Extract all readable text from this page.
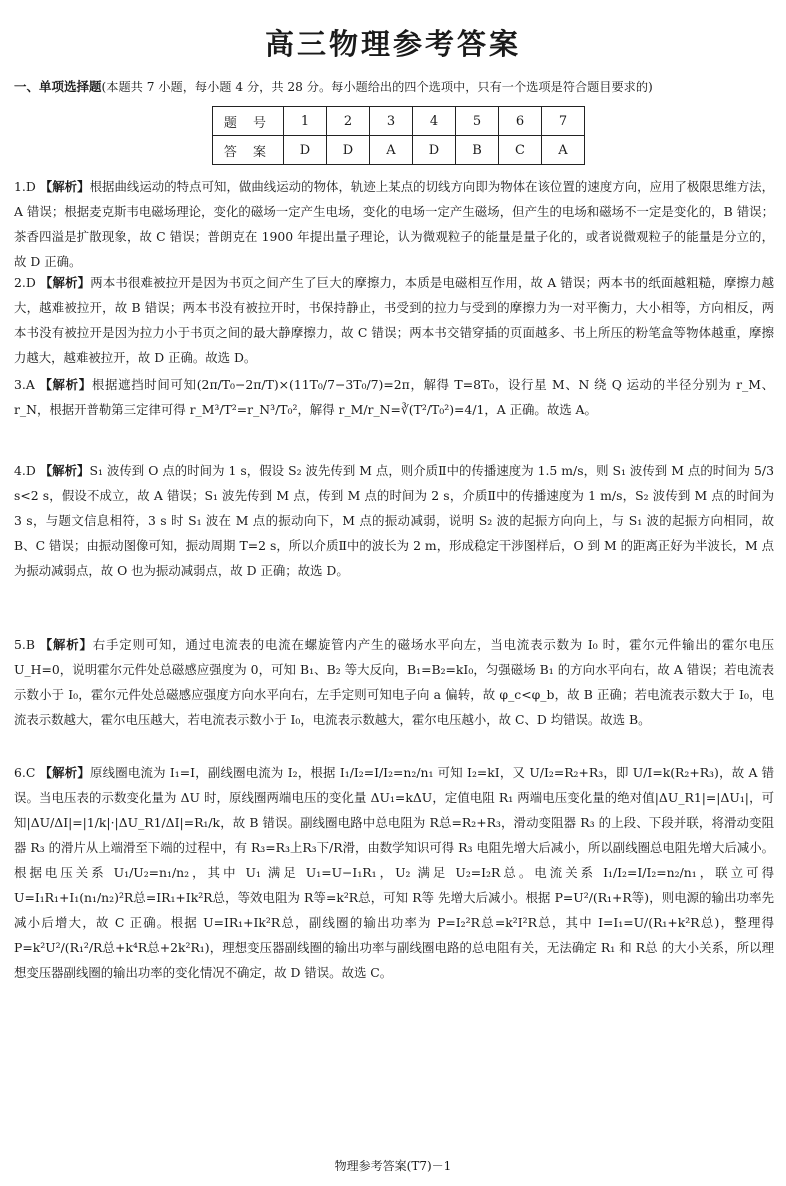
高三物理参考答案
一、单项选择题(本题共 7 小题，每小题 4 分，共 28 分。每小题给出的四个选项中，只有一个选项是符合题目要求的)
题 号	1	2	3	4	5	6	7
答 案	D	D	A	D	B	C	A
1.D 【解析】根据曲线运动的特点可知，做曲线运动的物体，轨迹上某点的切线方向即为物体在该位置的速度方向，应用了极限思维方法，A 错误；根据麦克斯韦电磁场理论，变化的磁场一定产生电场，变化的电场一定产生磁场，但产生的电场和磁场不一定是变化的，B 错误；茶香四溢是扩散现象，故 C 错误；普朗克在 1900 年提出量子理论，认为微观粒子的能量是量子化的，或者说微观粒子的能量是分立的，故 D 正确。
2.D 【解析】两本书很难被拉开是因为书页之间产生了巨大的摩擦力，本质是电磁相互作用，故 A 错误；两本书的纸面越粗糙，摩擦力越大，越难被拉开，故 B 错误；两本书没有被拉开时，书保持静止，书受到的拉力与受到的摩擦力为一对平衡力，大小相等，方向相反，两本书没有被拉开是因为拉力小于书页之间的最大静摩擦力，故 C 错误；两本书交错穿插的页面越多、书上所压的粉笔盒等物体越重，摩擦力越大，越难被拉开，故 D 正确。故选 D。
3.A 【解析】根据遮挡时间可知(2π/T₀−2π/T)×(11T₀/7−3T₀/7)=2π，解得 T=8T₀，设行星 M、N 绕 Q 运动的半径分别为 r_M、r_N，根据开普勒第三定律可得 r_M³/T²=r_N³/T₀²，解得 r_M/r_N=∛(T²/T₀²)=4/1，A 正确。故选 A。
4.D 【解析】S₁ 波传到 O 点的时间为 1 s，假设 S₂ 波先传到 M 点，则介质Ⅱ中的传播速度为 1.5 m/s，则 S₁ 波传到 M 点的时间为 5/3 s<2 s，假设不成立，故 A 错误；S₁ 波先传到 M 点，传到 M 点的时间为 2 s，介质Ⅱ中的传播速度为 1 m/s，S₂ 波传到 M 点的时间为 3 s，与题文信息相符，3 s 时 S₁ 波在 M 点的振动向下，M 点的振动减弱，说明 S₂ 波的起振方向向上，与 S₁ 波的起振方向相同，故 B、C 错误；由振动图像可知，振动周期 T=2 s，所以介质Ⅱ中的波长为 2 m，形成稳定干涉图样后，O 到 M 的距离正好为半波长，M 点为振动减弱点，故 O 也为振动减弱点，故 D 正确；故选 D。
5.B 【解析】右手定则可知，通过电流表的电流在螺旋管内产生的磁场水平向左，当电流表示数为 I₀ 时，霍尔元件输出的霍尔电压 U_H=0，说明霍尔元件处总磁感应强度为 0，可知 B₁、B₂ 等大反向，B₁=B₂=kI₀，匀强磁场 B₁ 的方向水平向右，故 A 错误；若电流表示数小于 I₀，霍尔元件处总磁感应强度方向水平向右，左手定则可知电子向 a 偏转，故 φ_c<φ_b，故 B 正确；若电流表示数大于 I₀，电流表示数越大，霍尔电压越大，若电流表示数小于 I₀，电流表示数越大，霍尔电压越小，故 C、D 均错误。故选 B。
6.C 【解析】原线圈电流为 I₁=I，副线圈电流为 I₂，根据 I₁/I₂=I/I₂=n₂/n₁ 可知 I₂=kI，又 U/I₂=R₂+R₃，即 U/I=k(R₂+R₃)，故 A 错误。当电压表的示数变化量为 ΔU 时，原线圈两端电压的变化量 ΔU₁=kΔU，定值电阻 R₁ 两端电压变化量的绝对值|ΔU_R1|=|ΔU₁|，可知|ΔU/ΔI|=|1/k|·|ΔU_R1/ΔI|=R₁/k，故 B 错误。副线圈电路中总电阻为 R总=R₂+R₃，滑动变阻器 R₃ 的上段、下段并联，将滑动变阻器 R₃ 的滑片从上端滑至下端的过程中，有 R₃=R₃上R₃下/R滑，由数学知识可得 R₃ 电阻先增大后减小，所以副线圈总电阻先增大后减小。根据电压关系 U₁/U₂=n₁/n₂，其中 U₁ 满足 U₁=U−I₁R₁，U₂ 满足 U₂=I₂R总。电流关系 I₁/I₂=I/I₂=n₂/n₁，联立可得 U=I₁R₁+I₁(n₁/n₂)²R总=IR₁+Ik²R总，等效电阻为 R等=k²R总，可知 R等 先增大后减小。根据 P=U²/(R₁+R等)，则电源的输出功率先减小后增大，故 C 正确。根据 U=IR₁+Ik²R总，副线圈的输出功率为 P=I₂²R总=k²I²R总，其中 I=I₁=U/(R₁+k²R总)，整理得 P=k²U²/(R₁²/R总+k⁴R总+2k²R₁)，理想变压器副线圈的输出功率与副线圈电路的总电阻有关，无法确定 R₁ 和 R总 的大小关系，所以理想变压器副线圈的输出功率的变化情况不确定，故 D 错误。故选 C。
物理参考答案(T7)－1
